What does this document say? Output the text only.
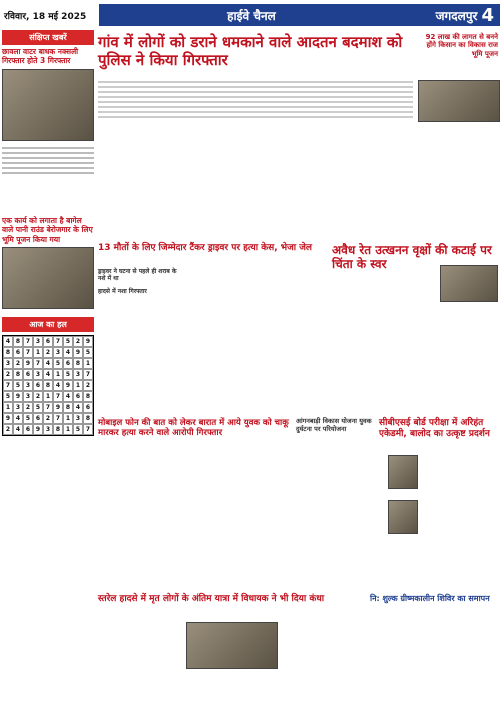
रविवार, 18 मई 2025	हाईवे चैनल	जगदलपुर 4
संक्षिप्त खबरें
छावला वाटर बाधक नक्सली गिरफ्तार होते 3 गिरफ्तार
एक कार्य को लगाता है बागेल वाले पानी राउंड बेरोजगार के लिए भूमि पूजन किया गया
आज का हल
4 8 7 3 6 7 5 2 9
8 6 7 1 2 3 4 9 5
3 2 9 7 4 5 6 8 1
2 8 6 3 4 1 5 3 7
7 5 3 6 8 4 9 1 2
5 9 3 2 1 7 4 6 8
1 3 2 5 7 9 8 4 6
9 4 5 6 2 7 1 3 8
2 4 6 9 3 8 1 5 7
गांव में लोगों को डराने धमकाने वाले आदतन बदमाश को पुलिस ने किया गिरफ्तार
92 लाख की लागत से बनने होंगे किसान का विकास राज भूमि पूजन
13 मौतों के लिए जिम्मेदार टैंकर ड्राइवर पर हत्या केस, भेजा जेल
ड्राइवर ने घटना से पहले ही शराब के नशे में था
हादसे में नशा गिरफ्तार
अवैध रेत उत्खनन वृक्षों की कटाई पर चिंता के स्वर
मोबाइल फोन की बात को लेकर बारात में आये युवक को चाकू मारकर हत्या करने वाले आरोपी गिरफ्तार
आंगनबाड़ी विकास योजना युवक दुर्घटना पर परियोजना
सीबीएसई बोर्ड परीक्षा में अरिहंत एकेडमी, बालोद का उत्कृष्ट प्रदर्शन
स्तरेल हादसे में मृत लोगों के अंतिम यात्रा में विधायक ने भी दिया कंधा	नि: शुल्क ग्रीष्मकालीन शिविर का समापन
